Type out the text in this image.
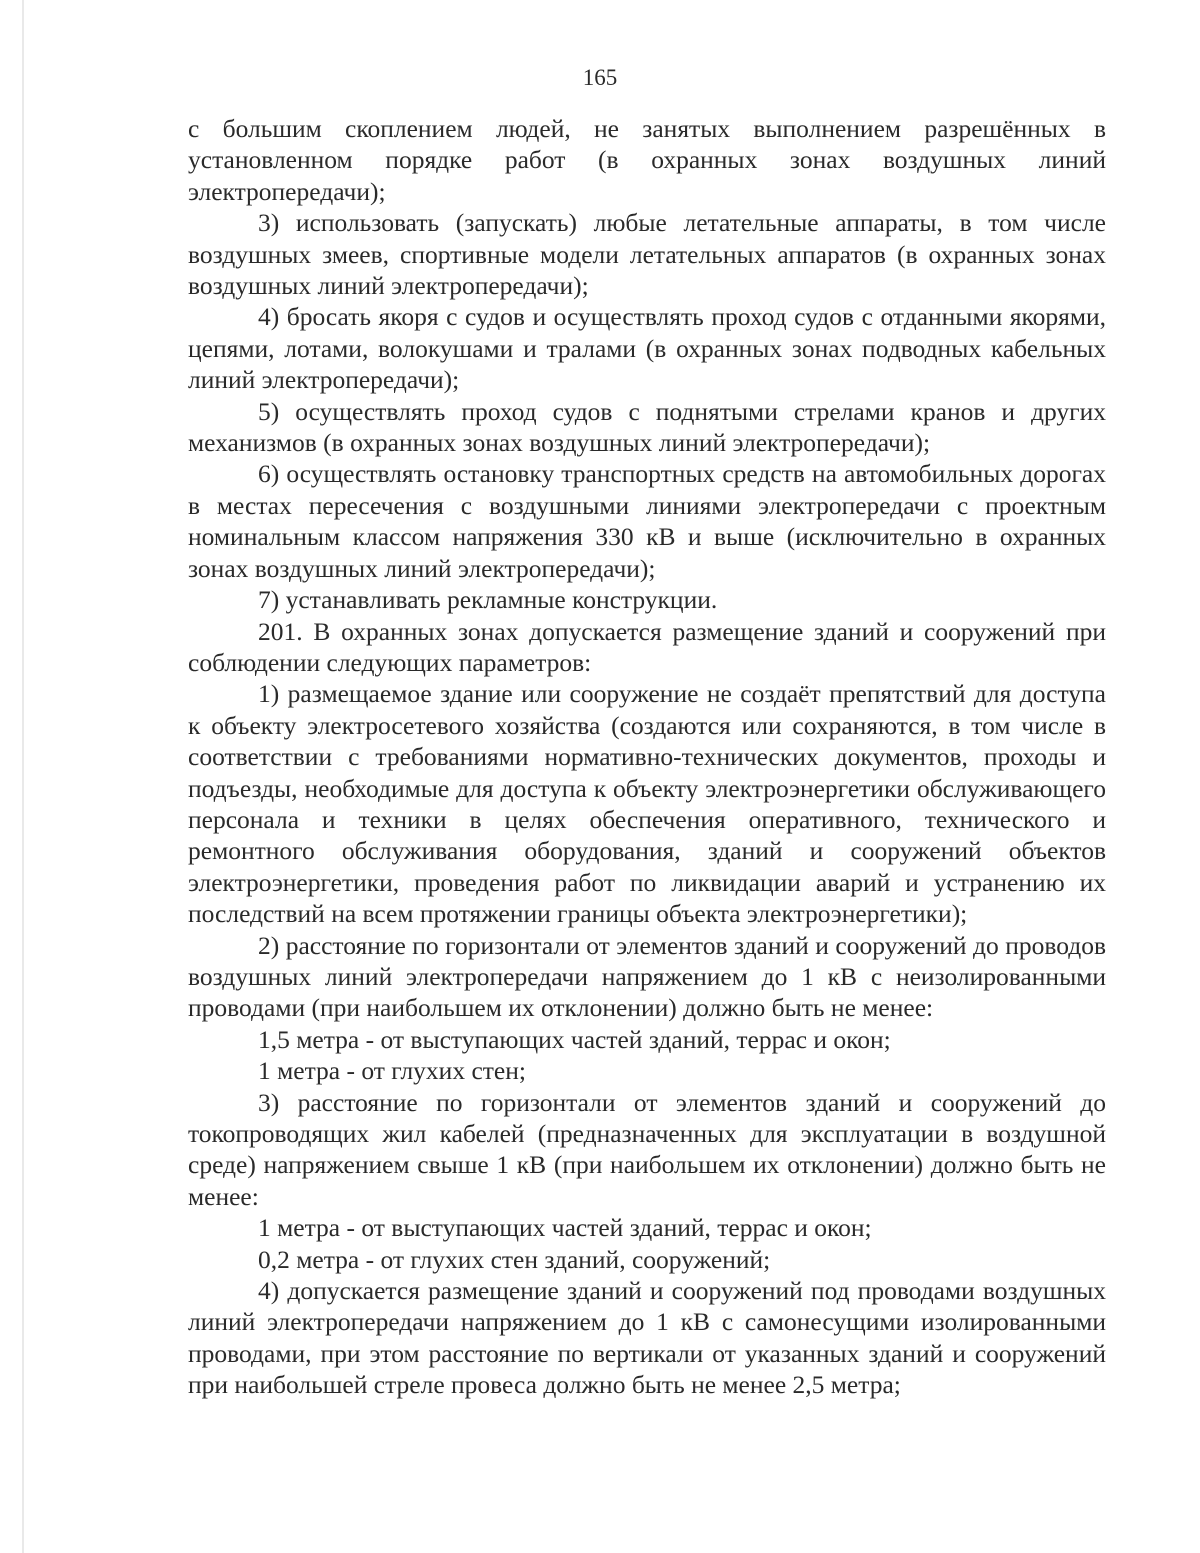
165

с большим скоплением людей, не занятых выполнением разрешённых в установленном порядке работ (в охранных зонах воздушных линий электропередачи);

3) использовать (запускать) любые летательные аппараты, в том числе воздушных змеев, спортивные модели летательных аппаратов (в охранных зонах воздушных линий электропередачи);

4) бросать якоря с судов и осуществлять проход судов с отданными якорями, цепями, лотами, волокушами и тралами (в охранных зонах подводных кабельных линий электропередачи);

5) осуществлять проход судов с поднятыми стрелами кранов и других механизмов (в охранных зонах воздушных линий электропередачи);

6) осуществлять остановку транспортных средств на автомобильных дорогах в местах пересечения с воздушными линиями электропередачи с проектным номинальным классом напряжения 330 кВ и выше (исключительно в охранных зонах воздушных линий электропередачи);

7) устанавливать рекламные конструкции.

201. В охранных зонах допускается размещение зданий и сооружений при соблюдении следующих параметров:

1) размещаемое здание или сооружение не создаёт препятствий для доступа к объекту электросетевого хозяйства (создаются или сохраняются, в том числе в соответствии с требованиями нормативно-технических документов, проходы и подъезды, необходимые для доступа к объекту электроэнергетики обслуживающего персонала и техники в целях обеспечения оперативного, технического и ремонтного обслуживания оборудования, зданий и сооружений объектов электроэнергетики, проведения работ по ликвидации аварий и устранению их последствий на всем протяжении границы объекта электроэнергетики);

2) расстояние по горизонтали от элементов зданий и сооружений до проводов воздушных линий электропередачи напряжением до 1 кВ с неизолированными проводами (при наибольшем их отклонении) должно быть не менее:

1,5 метра - от выступающих частей зданий, террас и окон;

1 метра - от глухих стен;

3) расстояние по горизонтали от элементов зданий и сооружений до токопроводящих жил кабелей (предназначенных для эксплуатации в воздушной среде) напряжением свыше 1 кВ (при наибольшем их отклонении) должно быть не менее:

1 метра - от выступающих частей зданий, террас и окон;

0,2 метра - от глухих стен зданий, сооружений;

4) допускается размещение зданий и сооружений под проводами воздушных линий электропередачи напряжением до 1 кВ с самонесущими изолированными проводами, при этом расстояние по вертикали от указанных зданий и сооружений при наибольшей стреле провеса должно быть не менее 2,5 метра;
